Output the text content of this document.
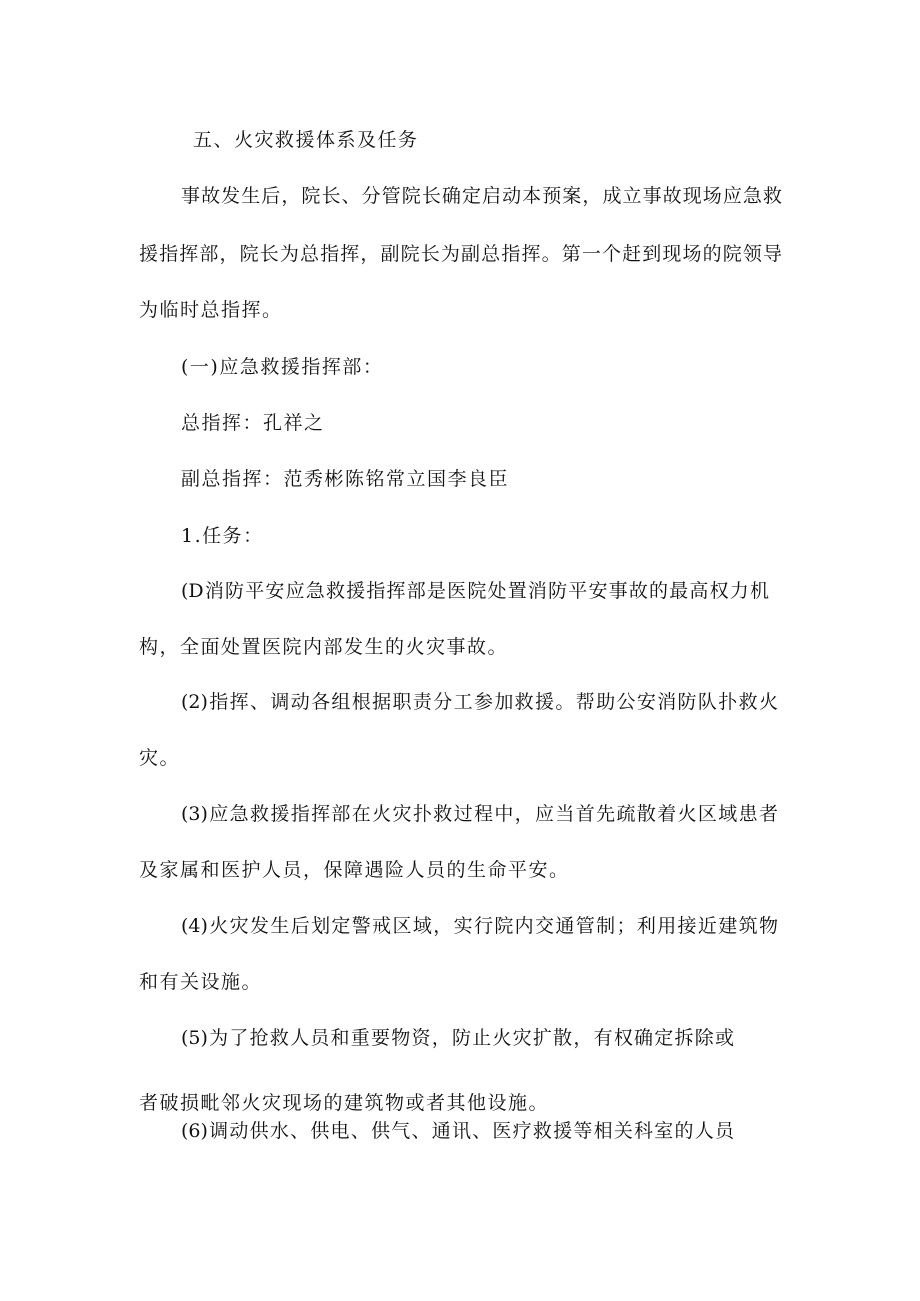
五、火灾救援体系及任务

事故发生后，院长、分管院长确定启动本预案，成立事故现场应急救

援指挥部，院长为总指挥，副院长为副总指挥。第一个赶到现场的院领导

为临时总指挥。

(一)应急救援指挥部：

总指挥：孔祥之

副总指挥：范秀彬陈铭常立国李良臣

1.任务：

(D消防平安应急救援指挥部是医院处置消防平安事故的最高权力机

构，全面处置医院内部发生的火灾事故。

(2)指挥、调动各组根据职责分工参加救援。帮助公安消防队扑救火

灾。

(3)应急救援指挥部在火灾扑救过程中，应当首先疏散着火区域患者

及家属和医护人员，保障遇险人员的生命平安。

(4)火灾发生后划定警戒区域，实行院内交通管制；利用接近建筑物

和有关设施。

(5)为了抢救人员和重要物资，防止火灾扩散，有权确定拆除或

者破损毗邻火灾现场的建筑物或者其他设施。

(6)调动供水、供电、供气、通讯、医疗救援等相关科室的人员
